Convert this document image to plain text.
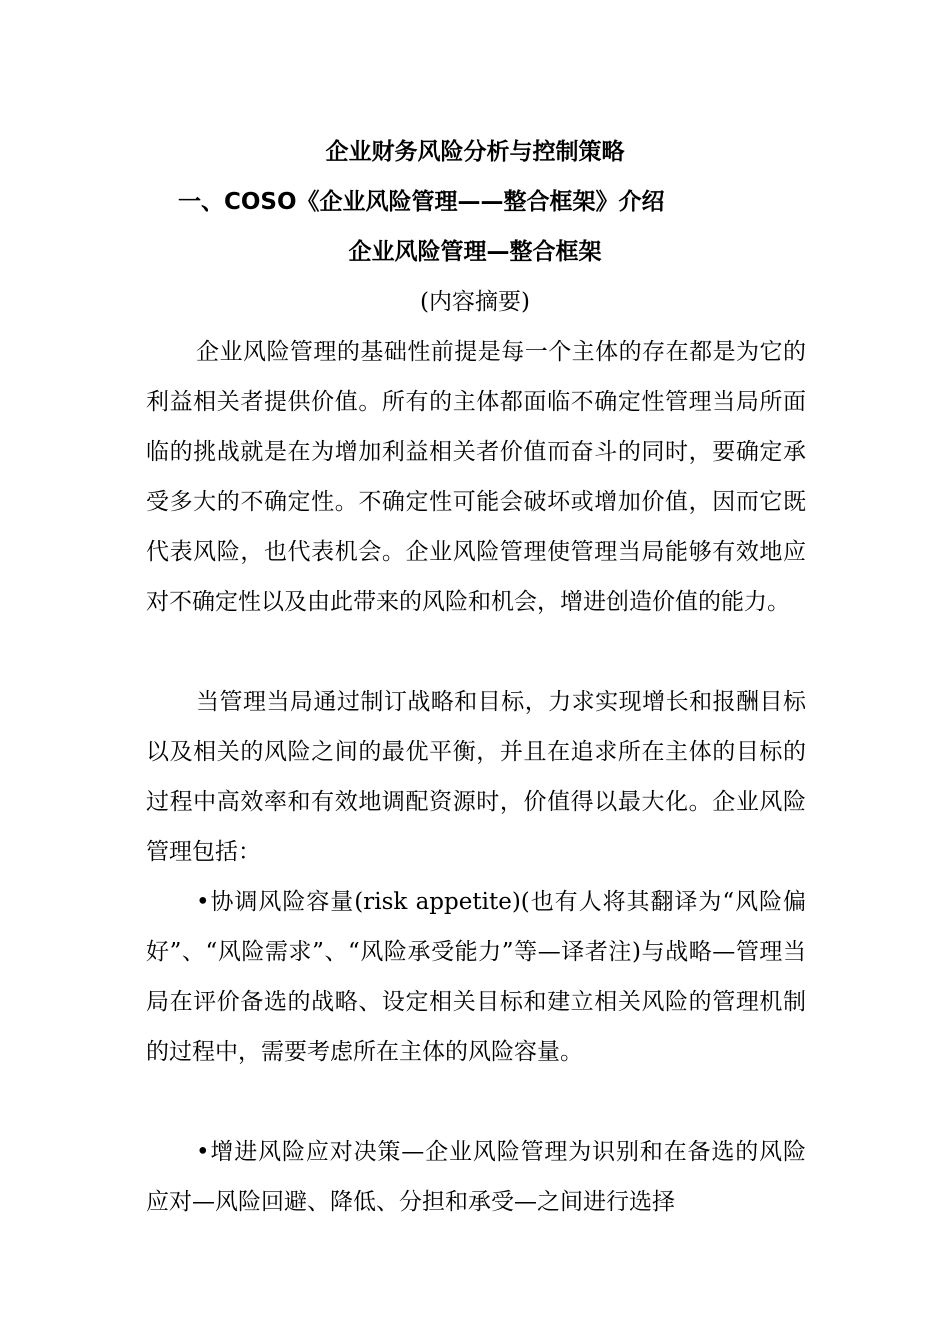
企业财务风险分析与控制策略
一、COSO《企业风险管理——整合框架》介绍
企业风险管理—整合框架

(内容摘要)

企业风险管理的基础性前提是每一个主体的存在都是为它的利益相关者提供价值。所有的主体都面临不确定性管理当局所面临的挑战就是在为增加利益相关者价值而奋斗的同时，要确定承受多大的不确定性。不确定性可能会破坏或增加价值，因而它既代表风险，也代表机会。企业风险管理使管理当局能够有效地应对不确定性以及由此带来的风险和机会，增进创造价值的能力。

当管理当局通过制订战略和目标，力求实现增长和报酬目标以及相关的风险之间的最优平衡，并且在追求所在主体的目标的过程中高效率和有效地调配资源时，价值得以最大化。企业风险管理包括：

•协调风险容量(risk appetite)(也有人将其翻译为“风险偏好”、“风险需求”、“风险承受能力”等—译者注)与战略—管理当局在评价备选的战略、设定相关目标和建立相关风险的管理机制的过程中，需要考虑所在主体的风险容量。

•增进风险应对决策—企业风险管理为识别和在备选的风险应对—风险回避、降低、分担和承受—之间进行选择
